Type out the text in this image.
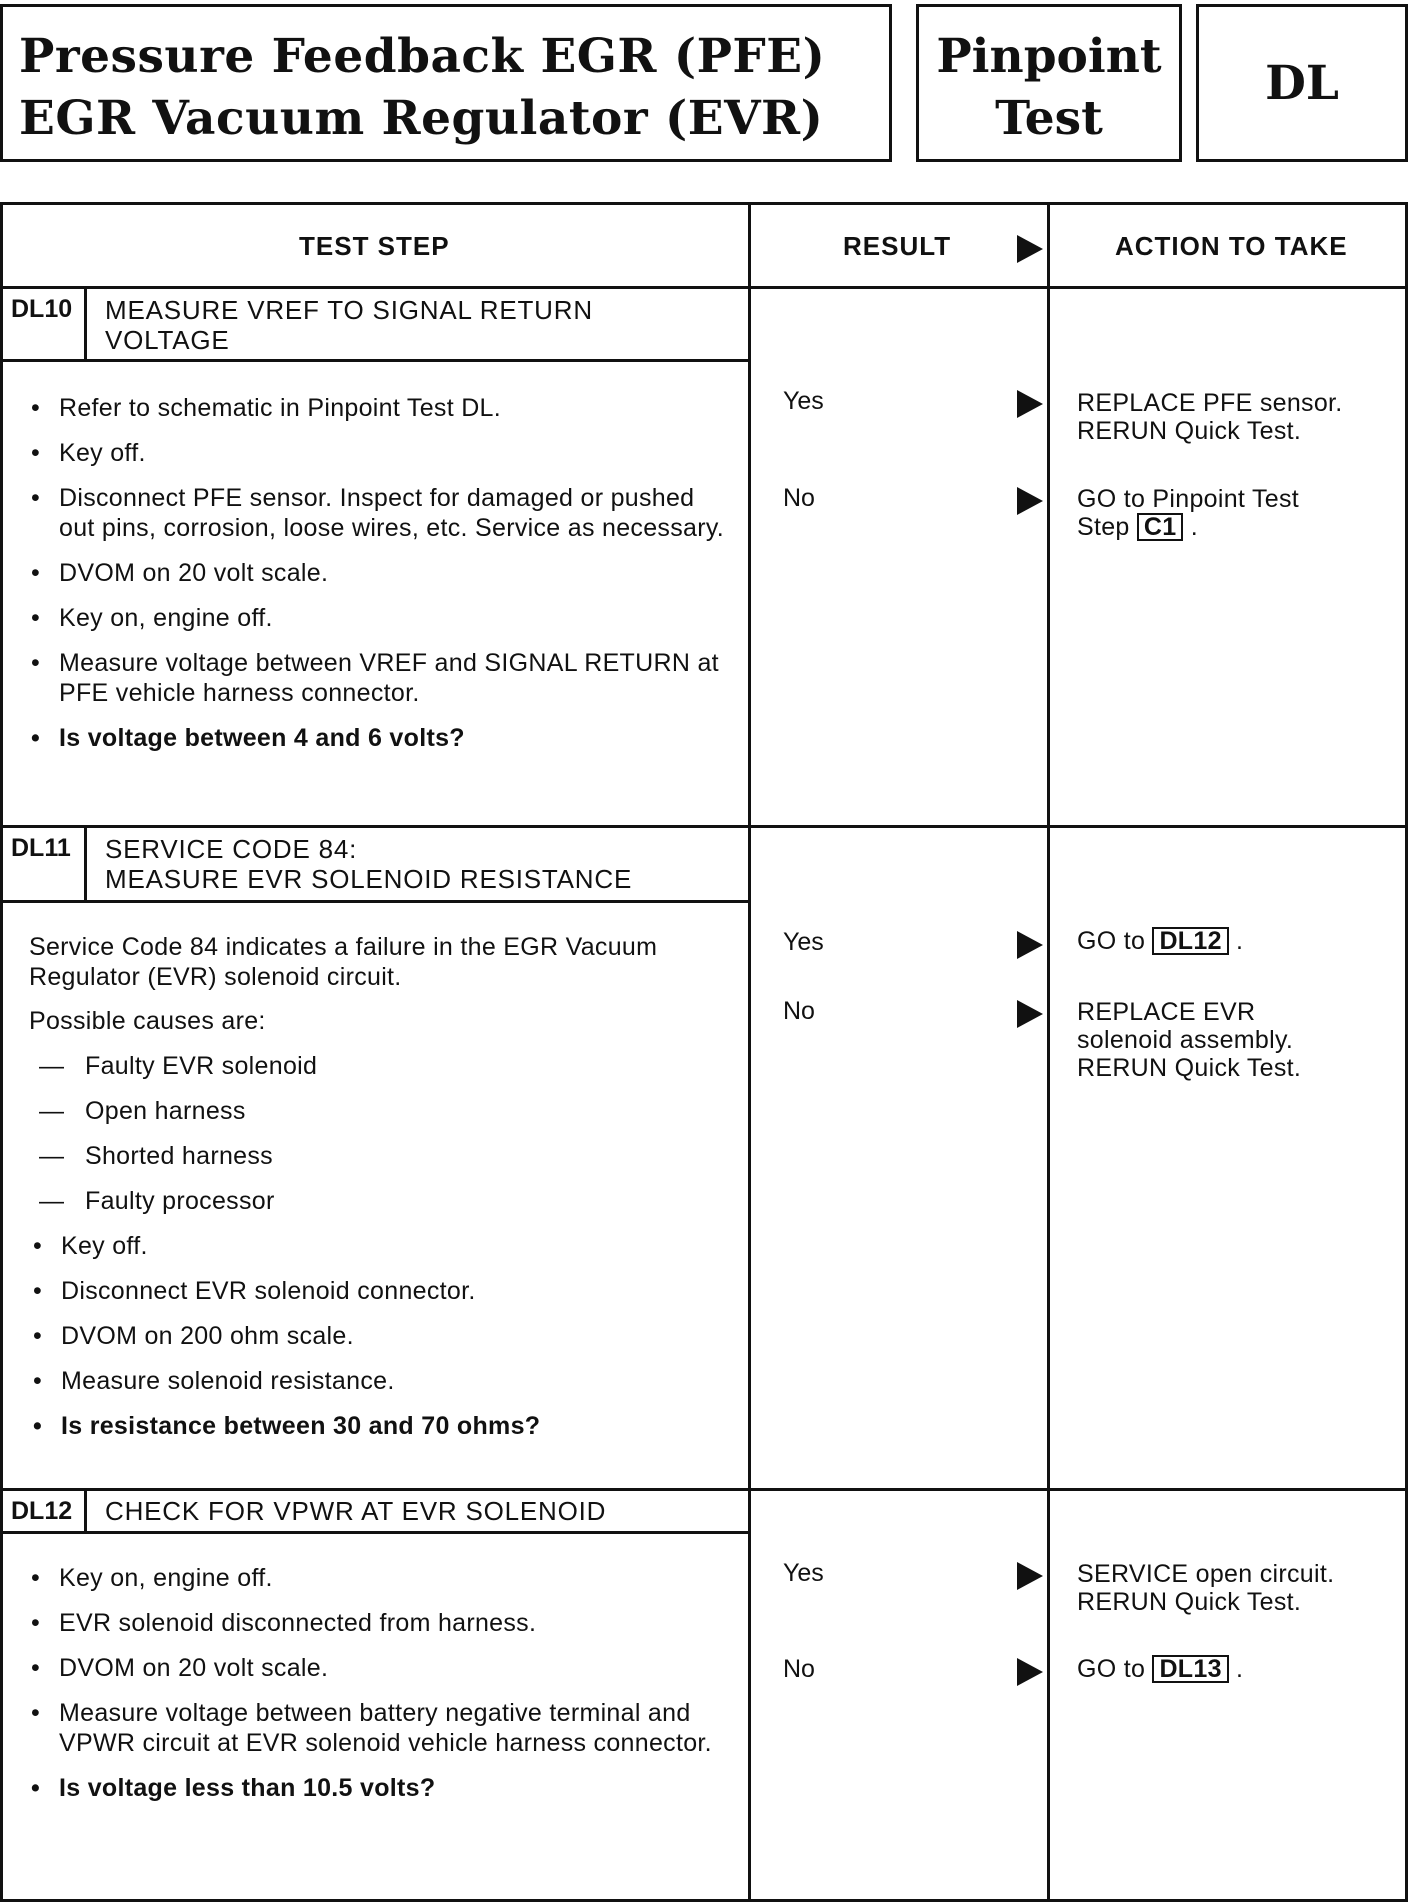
Pressure Feedback EGR (PFE)
EGR Vacuum Regulator (EVR)
Pinpoint
Test
DL
TEST STEP	RESULT	ACTION TO TAKE
DL10	MEASURE VREF TO SIGNAL RETURN
VOLTAGE
• Refer to schematic in Pinpoint Test DL.
• Key off.
• Disconnect PFE sensor. Inspect for damaged or pushed out pins, corrosion, loose wires, etc. Service as necessary.
• DVOM on 20 volt scale.
• Key on, engine off.
• Measure voltage between VREF and SIGNAL RETURN at PFE vehicle harness connector.
• Is voltage between 4 and 6 volts?
Yes	REPLACE PFE sensor.
RERUN Quick Test.
No	GO to Pinpoint Test
Step C1 .
DL11	SERVICE CODE 84:
MEASURE EVR SOLENOID RESISTANCE
Service Code 84 indicates a failure in the EGR Vacuum Regulator (EVR) solenoid circuit.
Possible causes are:
— Faulty EVR solenoid
— Open harness
— Shorted harness
— Faulty processor
• Key off.
• Disconnect EVR solenoid connector.
• DVOM on 200 ohm scale.
• Measure solenoid resistance.
• Is resistance between 30 and 70 ohms?
Yes	GO to DL12 .
No	REPLACE EVR
solenoid assembly.
RERUN Quick Test.
DL12	CHECK FOR VPWR AT EVR SOLENOID
• Key on, engine off.
• EVR solenoid disconnected from harness.
• DVOM on 20 volt scale.
• Measure voltage between battery negative terminal and VPWR circuit at EVR solenoid vehicle harness connector.
• Is voltage less than 10.5 volts?
Yes	SERVICE open circuit.
RERUN Quick Test.
No	GO to DL13 .
